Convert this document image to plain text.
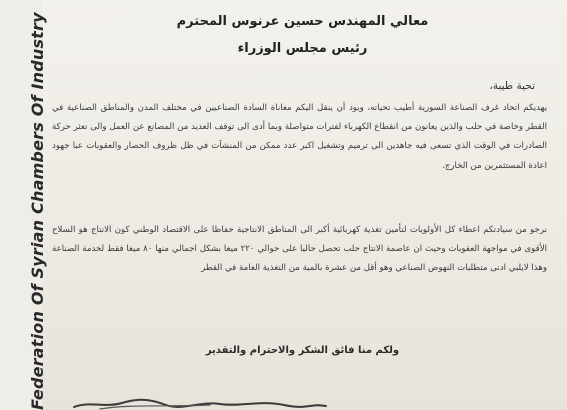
Federation Of Syrian Chambers Of Industry	معالي المهندس حسين عرنوس المحترم
رئيس مجلس الوزراء
تحية طيبة،

يهديكم اتحاد غرف الصناعة السورية أطيب تحياته، ويود أن ينقل اليكم معاناة السادة الصناعيين في مختلف المدن والمناطق الصناعية في القطر وخاصة في حلب والذين يعانون من انقطاع الكهرباء لفترات متواصلة وبما أدى الى توقف العديد من المصانع عن العمل والى تعثر حركة الصادرات في الوقت الذي تسعى فيه جاهدين الى ترميم وتشغيل اكبر عدد ممكن من المنشآت في ظل ظروف الحصار والعقوبات عبا جهود اعادة المستثمرين من الخارج.

نرجو من سيادتكم اعطاء كل الأولويات لتأمين تغذية كهربائية أكبر الى المناطق الانتاجية حفاظا على الاقتصاد الوطني كون الانتاج هو السلاح الأقوى في مواجهة العقوبات وحيث ان عاصمة الانتاج حلب تحصل حاليا على حوالي ٢٢٠ ميغا بشكل اجمالي منها ٨٠ ميغا فقط لخدمة الصناعة وهذا لايلبي ادنى متطلبات النهوض الصناعي وهو أقل من عشرة بالمية من التغذية العامة في القطر

ولكم منا فائق الشكر والاحترام والتقدير
